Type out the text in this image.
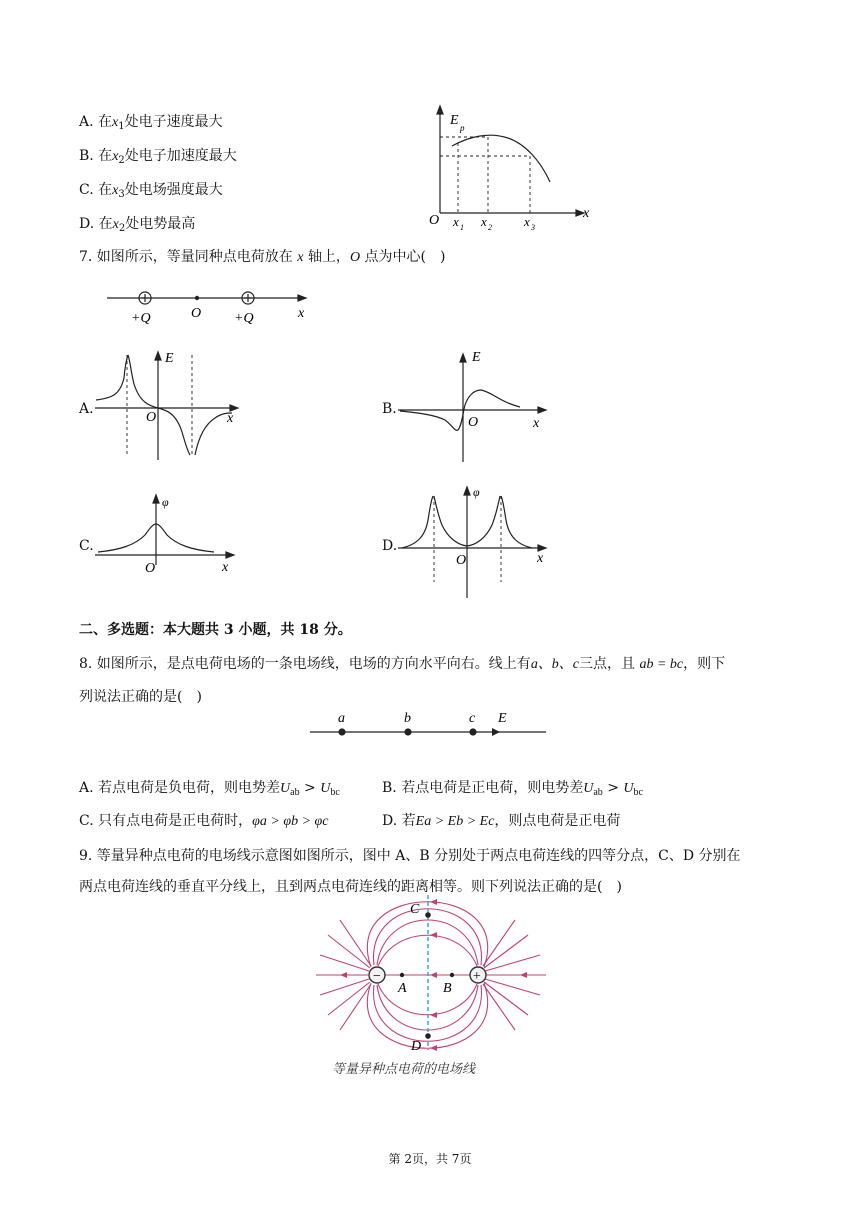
A. 在$x_1$处电子速度最大
B. 在$x_2$处电子加速度最大
C. 在$x_3$处电场强度最大
D. 在$x_2$处电势最高
E p
O	x
x 1 x 2 x 3
7. 如图所示，等量同种点电荷放在 x 轴上，O 点为中心(　)
+Q	O +Q	x
A.
E
O	x
B.
E
O	x
C.
φ
O	x
D.
φ
O	x
二、多选题：本大题共 3 小题，共 18 分。
8. 如图所示，是点电荷电场的一条电场线，电场的方向水平向右。线上有a、b、c三点，且 ab = bc，则下
列说法正确的是(　)
a	b	c E
A. 若点电荷是负电荷，则电势差$U_{ab} > U_{bc}$	B. 若点电荷是正电荷，则电势差$U_{ab} > U_{bc}$
C. 只有点电荷是正电荷时，φa > φb > φc	D. 若Ea > Eb > Ec，则点电荷是正电荷
9. 等量异种点电荷的电场线示意图如图所示，图中 A、B 分别处于两点电荷连线的四等分点，C、D 分别在
两点电荷连线的垂直平分线上，且到两点电荷连线的距离相等。则下列说法正确的是(　)
−	+
C
D
A	B
等量异种点电荷的电场线
第 2页，共 7页
